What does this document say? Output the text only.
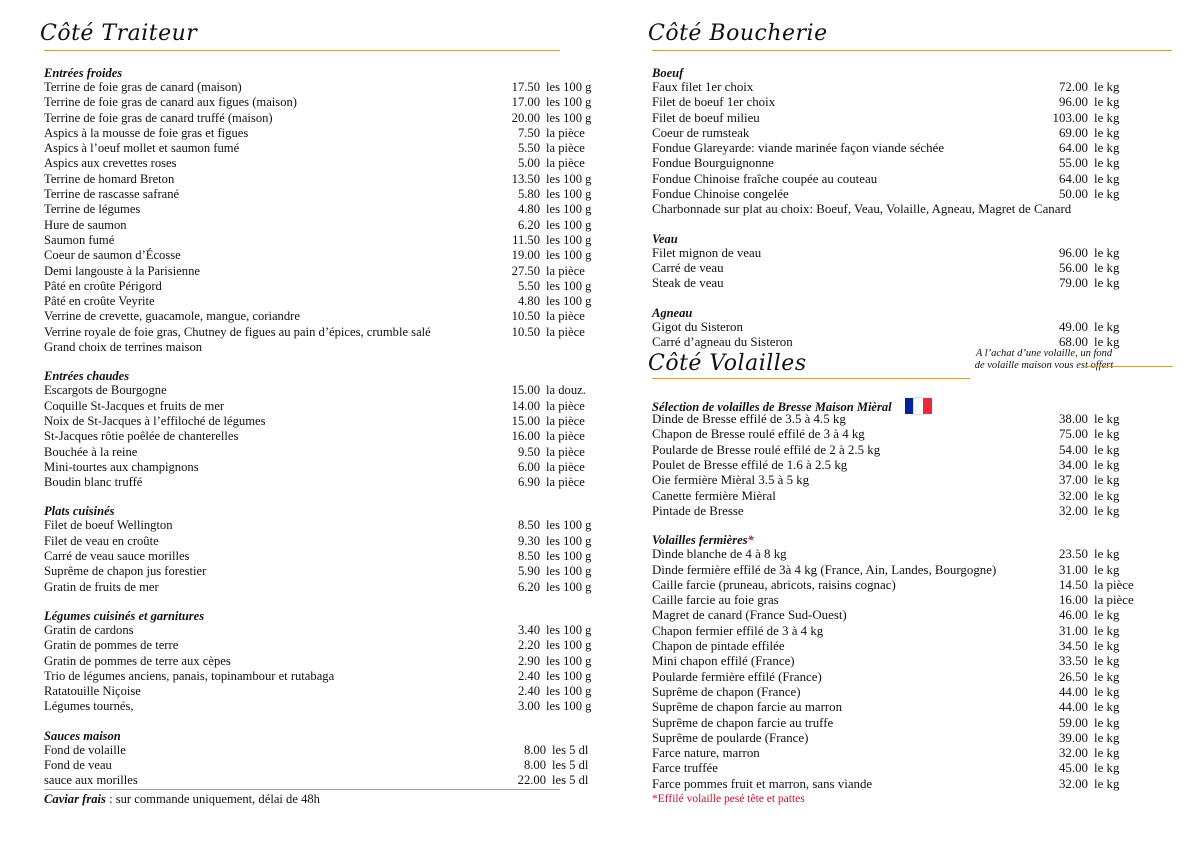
Côté Traiteur
Entrées froides
Terrine de foie gras de canard (maison)	17.50 les 100 g
Terrine de foie gras de canard aux figues (maison)	17.00 les 100 g
Terrine de foie gras de canard truffé (maison)	20.00 les 100 g
Aspics à la mousse de foie gras et figues	7.50 la pièce
Aspics à l’oeuf mollet et saumon fumé	5.50 la pièce
Aspics aux crevettes roses	5.00 la pièce
Terrine de homard Breton	13.50 les 100 g
Terrine de rascasse safrané	5.80 les 100 g
Terrine de légumes	4.80 les 100 g
Hure de saumon	6.20 les 100 g
Saumon fumé	11.50 les 100 g
Coeur de saumon d’Écosse	19.00 les 100 g
Demi langouste à la Parisienne	27.50 la pièce
Pâté en croûte Périgord	5.50 les 100 g
Pâté en croûte Veyrite	4.80 les 100 g
Verrine de crevette, guacamole, mangue, coriandre	10.50 la pièce
Verrine royale de foie gras, Chutney de figues au pain d’épices, crumble salé	10.50 la pièce
Grand choix de terrines maison
Entrées chaudes
Escargots de Bourgogne	15.00 la douz.
Coquille St-Jacques et fruits de mer	14.00 la pièce
Noix de St-Jacques à l’effiloché de légumes	15.00 la pièce
St-Jacques rôtie poêlée de chanterelles	16.00 la pièce
Bouchée à la reine	9.50 la pièce
Mini-tourtes aux champignons	6.00 la pièce
Boudin blanc truffé	6.90 la pièce
Plats cuisinés
Filet de boeuf Wellington	8.50 les 100 g
Filet de veau en croûte	9.30 les 100 g
Carré de veau sauce morilles	8.50 les 100 g
Suprême de chapon jus forestier	5.90 les 100 g
Gratin de fruits de mer	6.20 les 100 g
Légumes cuisinés et garnitures
Gratin de cardons	3.40 les 100 g
Gratin de pommes de terre	2.20 les 100 g
Gratin de pommes de terre aux cèpes	2.90 les 100 g
Trio de légumes anciens, panais, topinambour et rutabaga	2.40 les 100 g
Ratatouille Niçoise	2.40 les 100 g
Légumes tournés,	3.00 les 100 g
Sauces maison
Fond de volaille	8.00 les 5 dl
Fond de veau	8.00 les 5 dl
sauce aux morilles	22.00 les 5 dl
Caviar frais : sur commande uniquement, délai de 48h
Côté Boucherie
Boeuf
Faux filet 1er choix	72.00 le kg
Filet de boeuf 1er choix	96.00 le kg
Filet de boeuf milieu	103.00 le kg
Coeur de rumsteak	69.00 le kg
Fondue Glareyarde: viande marinée façon viande séchée	64.00 le kg
Fondue Bourguignonne	55.00 le kg
Fondue Chinoise fraîche coupée au couteau	64.00 le kg
Fondue Chinoise congelée	50.00 le kg
Charbonnade sur plat au choix: Boeuf, Veau, Volaille, Agneau, Magret de Canard
Veau
Filet mignon de veau	96.00 le kg
Carré de veau	56.00 le kg
Steak de veau	79.00 le kg
Agneau
Gigot du Sisteron	49.00 le kg
Carré d’agneau du Sisteron	68.00 le kg
Côté Volailles	A l’achat d’une volaille, un fond de volaille maison vous est offert
Sélection de volailles de Bresse Maison Mièral
Dinde de Bresse effilé de 3.5 à 4.5 kg	38.00 le kg
Chapon de Bresse roulé effilé de 3 à 4 kg	75.00 le kg
Poularde de Bresse roulé effilé de 2 à 2.5 kg	54.00 le kg
Poulet de Bresse effilé de 1.6 à 2.5 kg	34.00 le kg
Oie fermière Mièral 3.5 à 5 kg	37.00 le kg
Canette fermière Mièral	32.00 le kg
Pintade de Bresse	32.00 le kg
Volailles fermières*
Dinde blanche de 4 à 8 kg	23.50 le kg
Dinde fermière effilé de 3à 4 kg (France, Ain, Landes, Bourgogne)	31.00 le kg
Caille farcie (pruneau, abricots, raisins cognac)	14.50 la pièce
Caille farcie au foie gras	16.00 la pièce
Magret de canard (France Sud-Ouest)	46.00 le kg
Chapon fermier effilé de 3 à 4 kg	31.00 le kg
Chapon de pintade effilée	34.50 le kg
Mini chapon effilé (France)	33.50 le kg
Poularde fermière effilé (France)	26.50 le kg
Suprême de chapon (France)	44.00 le kg
Suprême de chapon farcie au marron	44.00 le kg
Suprême de chapon farcie au truffe	59.00 le kg
Suprême de poularde (France)	39.00 le kg
Farce nature, marron	32.00 le kg
Farce truffée	45.00 le kg
Farce pommes fruit et marron, sans viande	32.00 le kg
*Effilé volaille pesé tête et pattes
